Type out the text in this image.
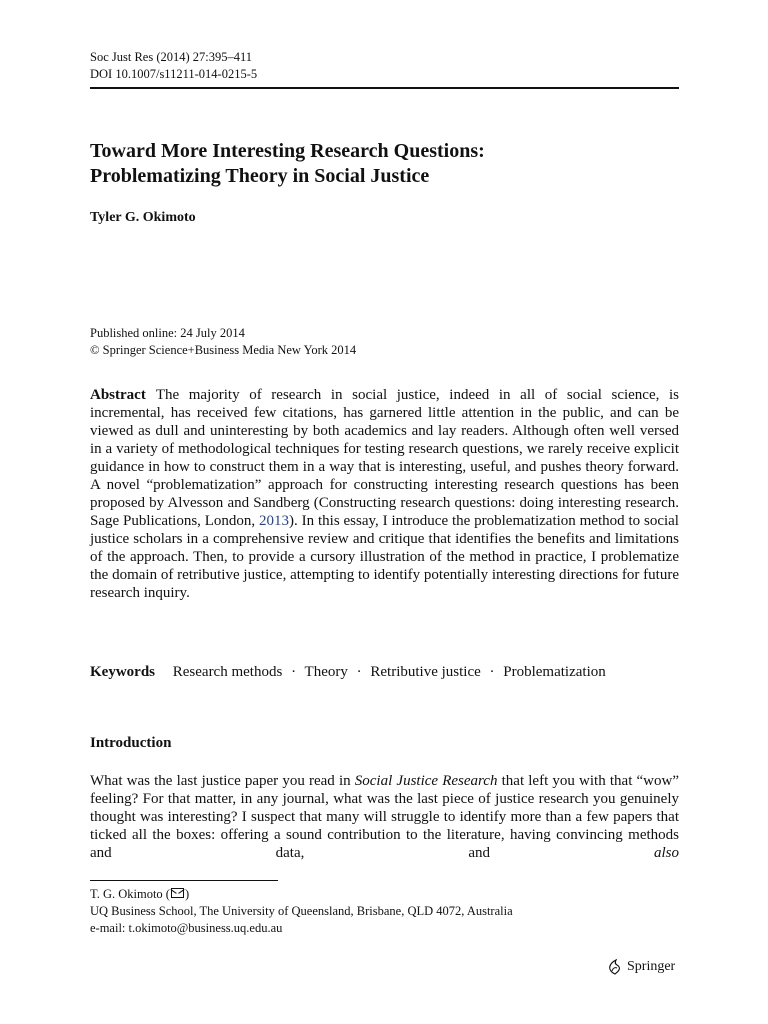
Soc Just Res (2014) 27:395–411
DOI 10.1007/s11211-014-0215-5
Toward More Interesting Research Questions:
Problematizing Theory in Social Justice
Tyler G. Okimoto
Published online: 24 July 2014
© Springer Science+Business Media New York 2014

Abstract The majority of research in social justice, indeed in all of social science, is incremental, has received few citations, has garnered little attention in the public, and can be viewed as dull and uninteresting by both academics and lay readers. Although often well versed in a variety of methodological techniques for testing research questions, we rarely receive explicit guidance in how to construct them in a way that is interesting, useful, and pushes theory forward. A novel “problematization” approach for constructing interesting research questions has been proposed by Alvesson and Sandberg (Constructing research questions: doing interesting research. Sage Publications, London, 2013). In this essay, I introduce the problematization method to social justice scholars in a comprehensive review and critique that identifies the benefits and limitations of the approach. Then, to provide a cursory illustration of the method in practice, I problematize the domain of retributive justice, attempting to identify potentially interesting directions for future research inquiry.

Keywords Research methods · Theory · Retributive justice · Problematization
Introduction

What was the last justice paper you read in Social Justice Research that left you with that “wow” feeling? For that matter, in any journal, what was the last piece of justice research you genuinely thought was interesting? I suspect that many will struggle to identify more than a few papers that ticked all the boxes: offering a sound contribution to the literature, having convincing methods and data, and also

T. G. Okimoto ( )
UQ Business School, The University of Queensland, Brisbane, QLD 4072, Australia
e-mail: t.okimoto@business.uq.edu.au
Springer
